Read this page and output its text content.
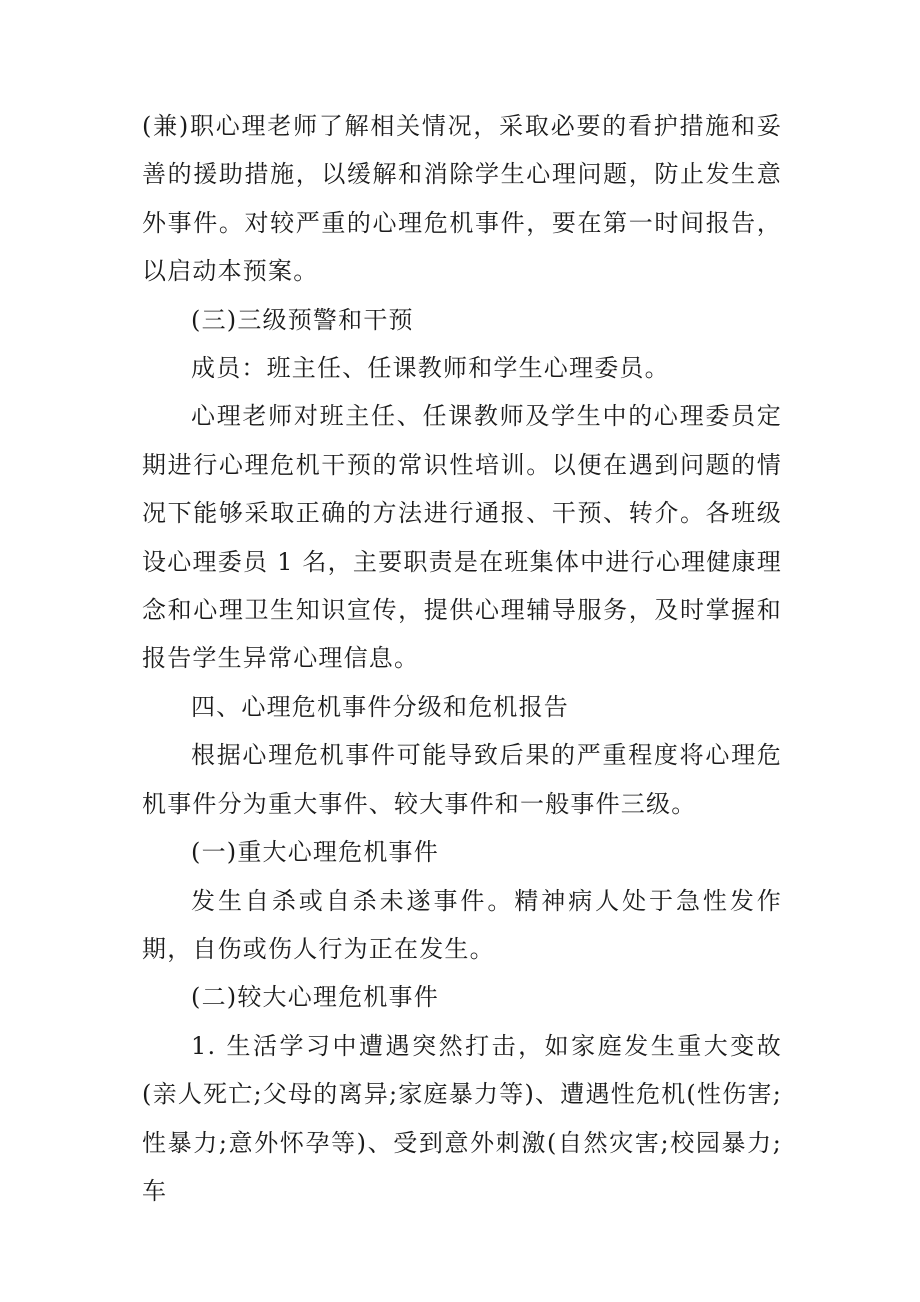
(兼)职心理老师了解相关情况，采取必要的看护措施和妥善的援助措施，以缓解和消除学生心理问题，防止发生意外事件。对较严重的心理危机事件，要在第一时间报告，以启动本预案。

(三)三级预警和干预

成员：班主任、任课教师和学生心理委员。

心理老师对班主任、任课教师及学生中的心理委员定期进行心理危机干预的常识性培训。以便在遇到问题的情况下能够采取正确的方法进行通报、干预、转介。各班级设心理委员 1 名，主要职责是在班集体中进行心理健康理念和心理卫生知识宣传，提供心理辅导服务，及时掌握和报告学生异常心理信息。

四、心理危机事件分级和危机报告

根据心理危机事件可能导致后果的严重程度将心理危机事件分为重大事件、较大事件和一般事件三级。

(一)重大心理危机事件

发生自杀或自杀未遂事件。精神病人处于急性发作期，自伤或伤人行为正在发生。

(二)较大心理危机事件

1. 生活学习中遭遇突然打击，如家庭发生重大变故(亲人死亡;父母的离异;家庭暴力等)、遭遇性危机(性伤害;性暴力;意外怀孕等)、受到意外刺激(自然灾害;校园暴力;车
